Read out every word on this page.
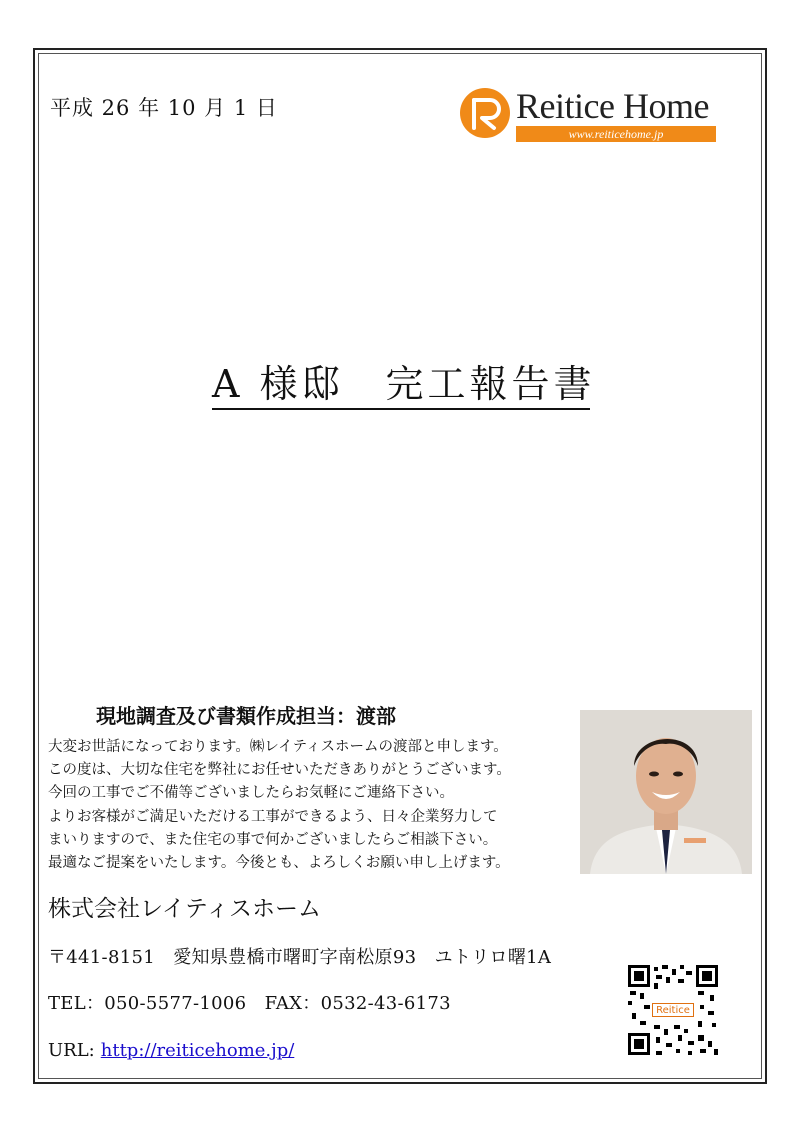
平成 26 年 10 月 1 日	Reitice Home
www.reiticehome.jp
A 様邸　完工報告書
現地調査及び書類作成担当：渡部
大変お世話になっております。㈱レイティスホームの渡部と申します。
この度は、大切な住宅を弊社にお任せいただきありがとうございます。
今回の工事でご不備等ございましたらお気軽にご連絡下さい。
よりお客様がご満足いただける工事ができるよう、日々企業努力して
まいりますので、また住宅の事で何かございましたらご相談下さい。
最適なご提案をいたします。今後とも、よろしくお願い申し上げます。
株式会社レイティスホーム
〒441-8151　愛知県豊橋市曙町字南松原93　ユトリロ曙1A
TEL：050-5577-1006　FAX：0532-43-6173
URL: http://reiticehome.jp/
Reitice
